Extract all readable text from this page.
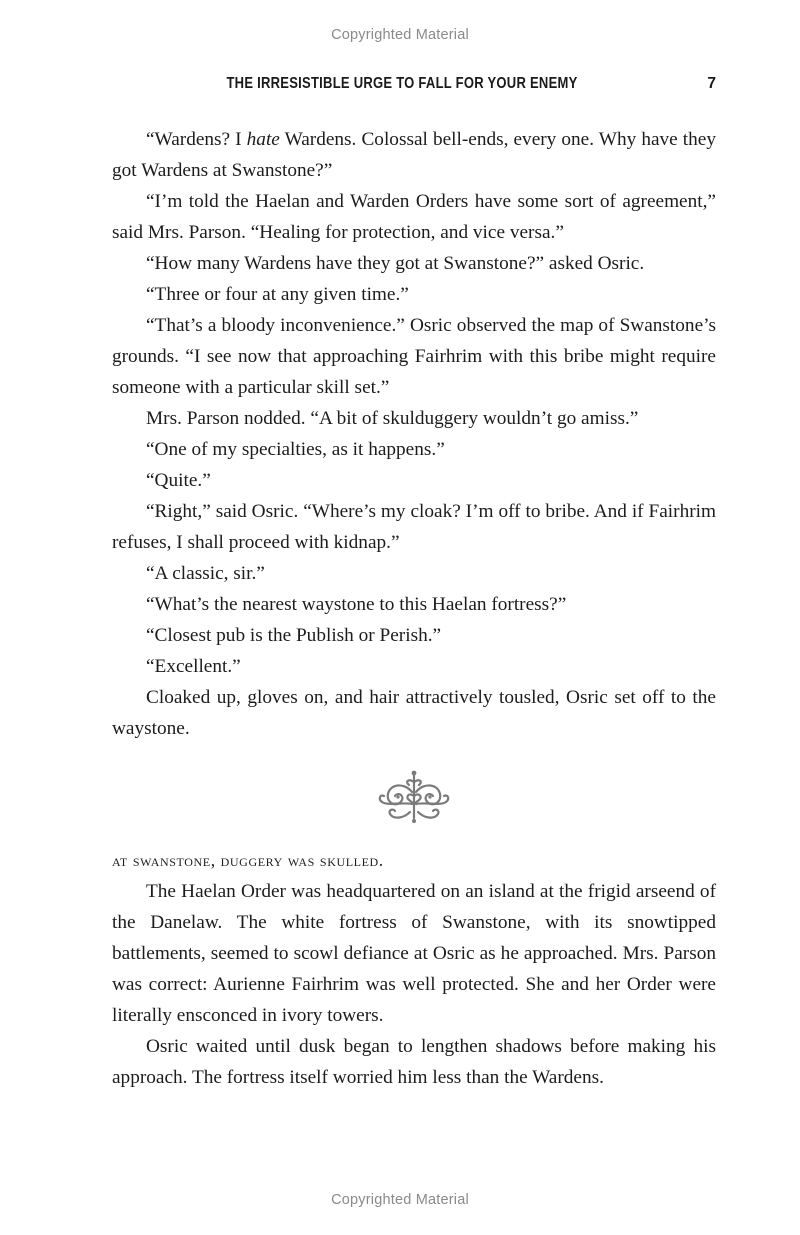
Copyrighted Material
THE IRRESISTIBLE URGE TO FALL FOR YOUR ENEMY	7

“Wardens? I hate Wardens. Colossal bell-ends, every one. Why have they got Wardens at Swanstone?”

“I’m told the Haelan and Warden Orders have some sort of agreement,” said Mrs. Parson. “Healing for protection, and vice versa.”

“How many Wardens have they got at Swanstone?” asked Osric.

“Three or four at any given time.”

“That’s a bloody inconvenience.” Osric observed the map of Swanstone’s grounds. “I see now that approaching Fairhrim with this bribe might require someone with a particular skill set.”

Mrs. Parson nodded. “A bit of skulduggery wouldn’t go amiss.”

“One of my specialties, as it happens.”

“Quite.”

“Right,” said Osric. “Where’s my cloak? I’m off to bribe. And if Fairhrim refuses, I shall proceed with kidnap.”

“A classic, sir.”

“What’s the nearest waystone to this Haelan fortress?”

“Closest pub is the Publish or Perish.”

“Excellent.”

Cloaked up, gloves on, and hair attractively tousled, Osric set off to the waystone.

at swanstone, duggery was skulled.

The Haelan Order was headquartered on an island at the frigid arseend of the Danelaw. The white fortress of Swanstone, with its snowtipped battlements, seemed to scowl defiance at Osric as he approached. Mrs. Parson was correct: Aurienne Fairhrim was well protected. She and her Order were literally ensconced in ivory towers.

Osric waited until dusk began to lengthen shadows before making his approach. The fortress itself worried him less than the Wardens.

Copyrighted Material
